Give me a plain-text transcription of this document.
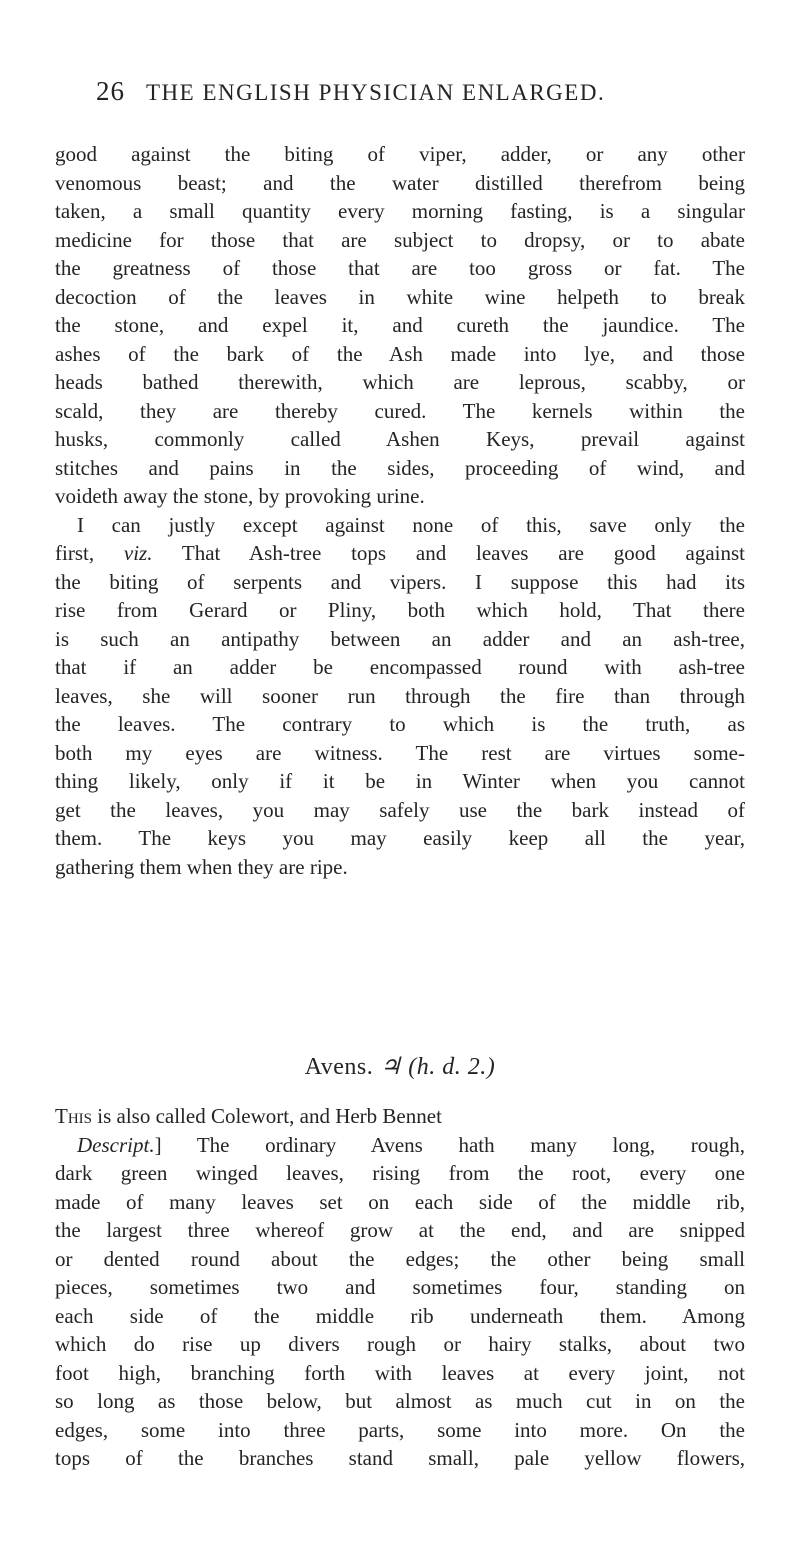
26 THE ENGLISH PHYSICIAN ENLARGED.
good against the biting of viper, adder, or any other
venomous beast; and the water distilled therefrom being
taken, a small quantity every morning fasting, is a singular
medicine for those that are subject to dropsy, or to abate
the greatness of those that are too gross or fat. The
decoction of the leaves in white wine helpeth to break
the stone, and expel it, and cureth the jaundice. The
ashes of the bark of the Ash made into lye, and those
heads bathed therewith, which are leprous, scabby, or
scald, they are thereby cured. The kernels within the
husks, commonly called Ashen Keys, prevail against
stitches and pains in the sides, proceeding of wind, and
voideth away the stone, by provoking urine.
I can justly except against none of this, save only the
first, viz. That Ash-tree tops and leaves are good against
the biting of serpents and vipers. I suppose this had its
rise from Gerard or Pliny, both which hold, That there
is such an antipathy between an adder and an ash-tree,
that if an adder be encompassed round with ash-tree
leaves, she will sooner run through the fire than through
the leaves. The contrary to which is the truth, as
both my eyes are witness. The rest are virtues some-
thing likely, only if it be in Winter when you cannot
get the leaves, you may safely use the bark instead of
them. The keys you may easily keep all the year,
gathering them when they are ripe.
Avens. ♃ (h. d. 2.)
This is also called Colewort, and Herb Bennet
Descript.] The ordinary Avens hath many long, rough,
dark green winged leaves, rising from the root, every one
made of many leaves set on each side of the middle rib,
the largest three whereof grow at the end, and are snipped
or dented round about the edges; the other being small
pieces, sometimes two and sometimes four, standing on
each side of the middle rib underneath them. Among
which do rise up divers rough or hairy stalks, about two
foot high, branching forth with leaves at every joint, not
so long as those below, but almost as much cut in on the
edges, some into three parts, some into more. On the
tops of the branches stand small, pale yellow flowers,
